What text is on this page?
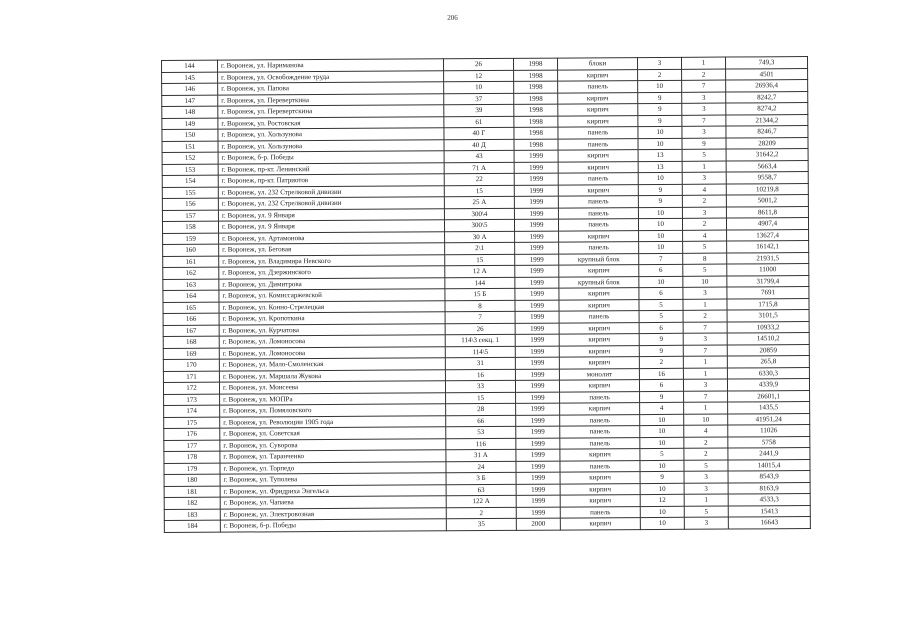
206
144	г. Воронеж, ул. Нариманова	26	1998	блоки	3	1	749,3
145	г. Воронеж, ул. Освобождение труда	12	1998	кирпич	2	2	4501
146	г. Воронеж, ул. Папова	10	1998	панель	10	7	26936,4
147	г. Воронеж, ул. Переверткина	37	1998	кирпич	9	3	8242,7
148	г. Воронеж, ул. Перевертскина	39	1998	кирпич	9	3	8274,2
149	г. Воронеж, ул. Ростовская	61	1998	кирпич	9	7	21344,2
150	г. Воронеж, ул. Хользунова	40 Г	1998	панель	10	3	8246,7
151	г. Воронеж, ул. Хользунова	40 Д	1998	панель	10	9	28209
152	г. Воронеж, б-р. Победы	43	1999	кирпич	13	5	31642,2
153	г. Воронеж, пр-кт. Ленинский	71 А	1999	кирпич	13	1	5663,4
154	г. Воронеж, пр-кт. Патриотов	22	1999	панель	10	3	9558,7
155	г. Воронеж, ул. 232 Стрелковой дивизии	15	1999	кирпич	9	4	10219,8
156	г. Воронеж, ул. 232 Стрелковой дивизии	25 А	1999	панель	9	2	5001,2
157	г. Воронеж, ул. 9 Января	300\4	1999	панель	10	3	8611,8
158	г. Воронеж, ул. 9 Января	300\5	1999	панель	10	2	4907,4
159	г. Воронеж, ул. Артамонова	30 А	1999	кирпич	10	4	13627,4
160	г. Воронеж, ул. Беговая	2\1	1999	панель	10	5	16142,1
161	г. Воронеж, ул. Владимира Невского	15	1999	крупный блок	7	8	21931,5
162	г. Воронеж, ул. Дзержинского	12 А	1999	кирпич	6	5	11000
163	г. Воронеж, ул. Димитрова	144	1999	крупный блок	10	10	31799,4
164	г. Воронеж, ул. Комиссаржевской	15 Б	1999	кирпич	6	3	7691
165	г. Воронеж, ул. Конно-Стрелецкая	8	1999	кирпич	5	1	1715,8
166	г. Воронеж, ул. Кропоткина	7	1999	панель	5	2	3101,5
167	г. Воронеж, ул. Курчатова	26	1999	кирпич	6	7	10933,2
168	г. Воронеж, ул. Ломоносова	114\3 секц. 1	1999	кирпич	9	3	14510,2
169	г. Воронеж, ул. Ломоносова	114\5	1999	кирпич	9	7	20859
170	г. Воронеж, ул. Мало-Смоленская	31	1999	кирпич	2	1	265,8
171	г. Воронеж, ул. Маршала Жукова	16	1999	монолит	16	1	6330,3
172	г. Воронеж, ул. Моисеева	33	1999	кирпич	6	3	4339,9
173	г. Воронеж, ул. МОПРа	15	1999	панель	9	7	26601,1
174	г. Воронеж, ул. Помяловского	28	1999	кирпич	4	1	1435,5
175	г. Воронеж, ул. Революции 1905 года	66	1999	панель	10	10	41951,24
176	г. Воронеж, ул. Советская	53	1999	панель	10	4	11026
177	г. Воронеж, ул. Суворова	116	1999	панель	10	2	5758
178	г. Воронеж, ул. Таранченко	31 А	1999	кирпич	5	2	2441,9
179	г. Воронеж, ул. Торпедо	24	1999	панель	10	5	14015,4
180	г. Воронеж, ул. Туполева	3 Б	1999	кирпич	9	3	8543,9
181	г. Воронеж, ул. Фридриха Энгельса	63	1999	кирпич	10	3	8163,9
182	г. Воронеж, ул. Чапаева	122 А	1999	кирпич	12	1	4533,3
183	г. Воронеж, ул. Электровозная	2	1999	панель	10	5	15413
184	г. Воронеж, б-р. Победы	35	2000	кирпич	10	3	16643
